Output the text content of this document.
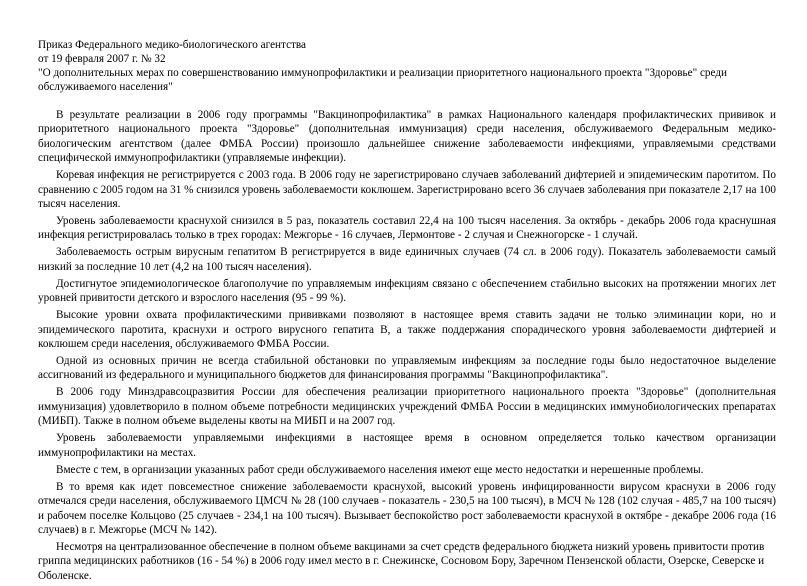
Приказ Федерального медико-биологического агентства

от 19 февраля 2007 г. № 32

"О дополнительных мерах по совершенствованию иммунопрофилактики и реализации приоритетного национального проекта "Здоровье" среди обслуживаемого населения"

В результате реализации в 2006 году программы "Вакцинопрофилактика" в рамках Национального календаря профилактических прививок и приоритетного национального проекта "Здоровье" (дополнительная иммунизация) среди населения, обслуживаемого Федеральным медико-биологическим агентством (далее ФМБА России) произошло дальнейшее снижение заболеваемости инфекциями, управляемыми средствами специфической иммунопрофилактики (управляемые инфекции).

Коревая инфекция не регистрируется с 2003 года. В 2006 году не зарегистрировано случаев заболеваний дифтерией и эпидемическим паротитом. По сравнению с 2005 годом на 31 % снизился уровень заболеваемости коклюшем. Зарегистрировано всего 36 случаев заболевания при показателе 2,17 на 100 тысяч населения.

Уровень заболеваемости краснухой снизился в 5 раз, показатель составил 22,4 на 100 тысяч населения. За октябрь - декабрь 2006 года краснушная инфекция регистрировалась только в трех городах: Межгорье - 16 случаев, Лермонтове - 2 случая и Снежногорске - 1 случай.

Заболеваемость острым вирусным гепатитом В регистрируется в виде единичных случаев (74 сл. в 2006 году). Показатель заболеваемости самый низкий за последние 10 лет (4,2 на 100 тысяч населения).

Достигнутое эпидемиологическое благополучие по управляемым инфекциям связано с обеспечением стабильно высоких на протяжении многих лет уровней привитости детского и взрослого населения (95 - 99 %).

Высокие уровни охвата профилактическими прививками позволяют в настоящее время ставить задачи не только элиминации кори, но и эпидемического паротита, краснухи и острого вирусного гепатита В, а также поддержания спорадического уровня заболеваемости дифтерией и коклюшем среди населения, обслуживаемого ФМБА России.

Одной из основных причин не всегда стабильной обстановки по управляемым инфекциям за последние годы было недостаточное выделение ассигнований из федерального и муниципального бюджетов для финансирования программы "Вакцинопрофилактика".

В 2006 году Минздравсоцразвития России для обеспечения реализации приоритетного национального проекта "Здоровье" (дополнительная иммунизация) удовлетворило в полном объеме потребности медицинских учреждений ФМБА России в медицинских иммунобиологических препаратах (МИБП). Также в полном объеме выделены квоты на МИБП и на 2007 год.

Уровень заболеваемости управляемыми инфекциями в настоящее время в основном определяется только качеством организации иммунопрофилактики на местах.

Вместе с тем, в организации указанных работ среди обслуживаемого населения имеют еще место недостатки и нерешенные проблемы.

В то время как идет повсеместное снижение заболеваемости краснухой, высокий уровень инфицированности вирусом краснухи в 2006 году отмечался среди населения, обслуживаемого ЦМСЧ № 28 (100 случаев - показатель - 230,5 на 100 тысяч), в МСЧ № 128 (102 случая - 485,7 на 100 тысяч) и рабочем поселке Кольцово (25 случаев - 234,1 на 100 тысяч). Вызывает беспокойство рост заболеваемости краснухой в октябре - декабре 2006 года (16 случаев) в г. Межгорье (МСЧ № 142).

Несмотря на централизованное обеспечение в полном объеме вакцинами за счет средств федерального бюджета низкий уровень привитости против гриппа медицинских работников (16 - 54 %) в 2006 году имел место в г. Снежинске, Сосновом Бору, Заречном Пензенской области, Озерске, Северске и Оболенске.
